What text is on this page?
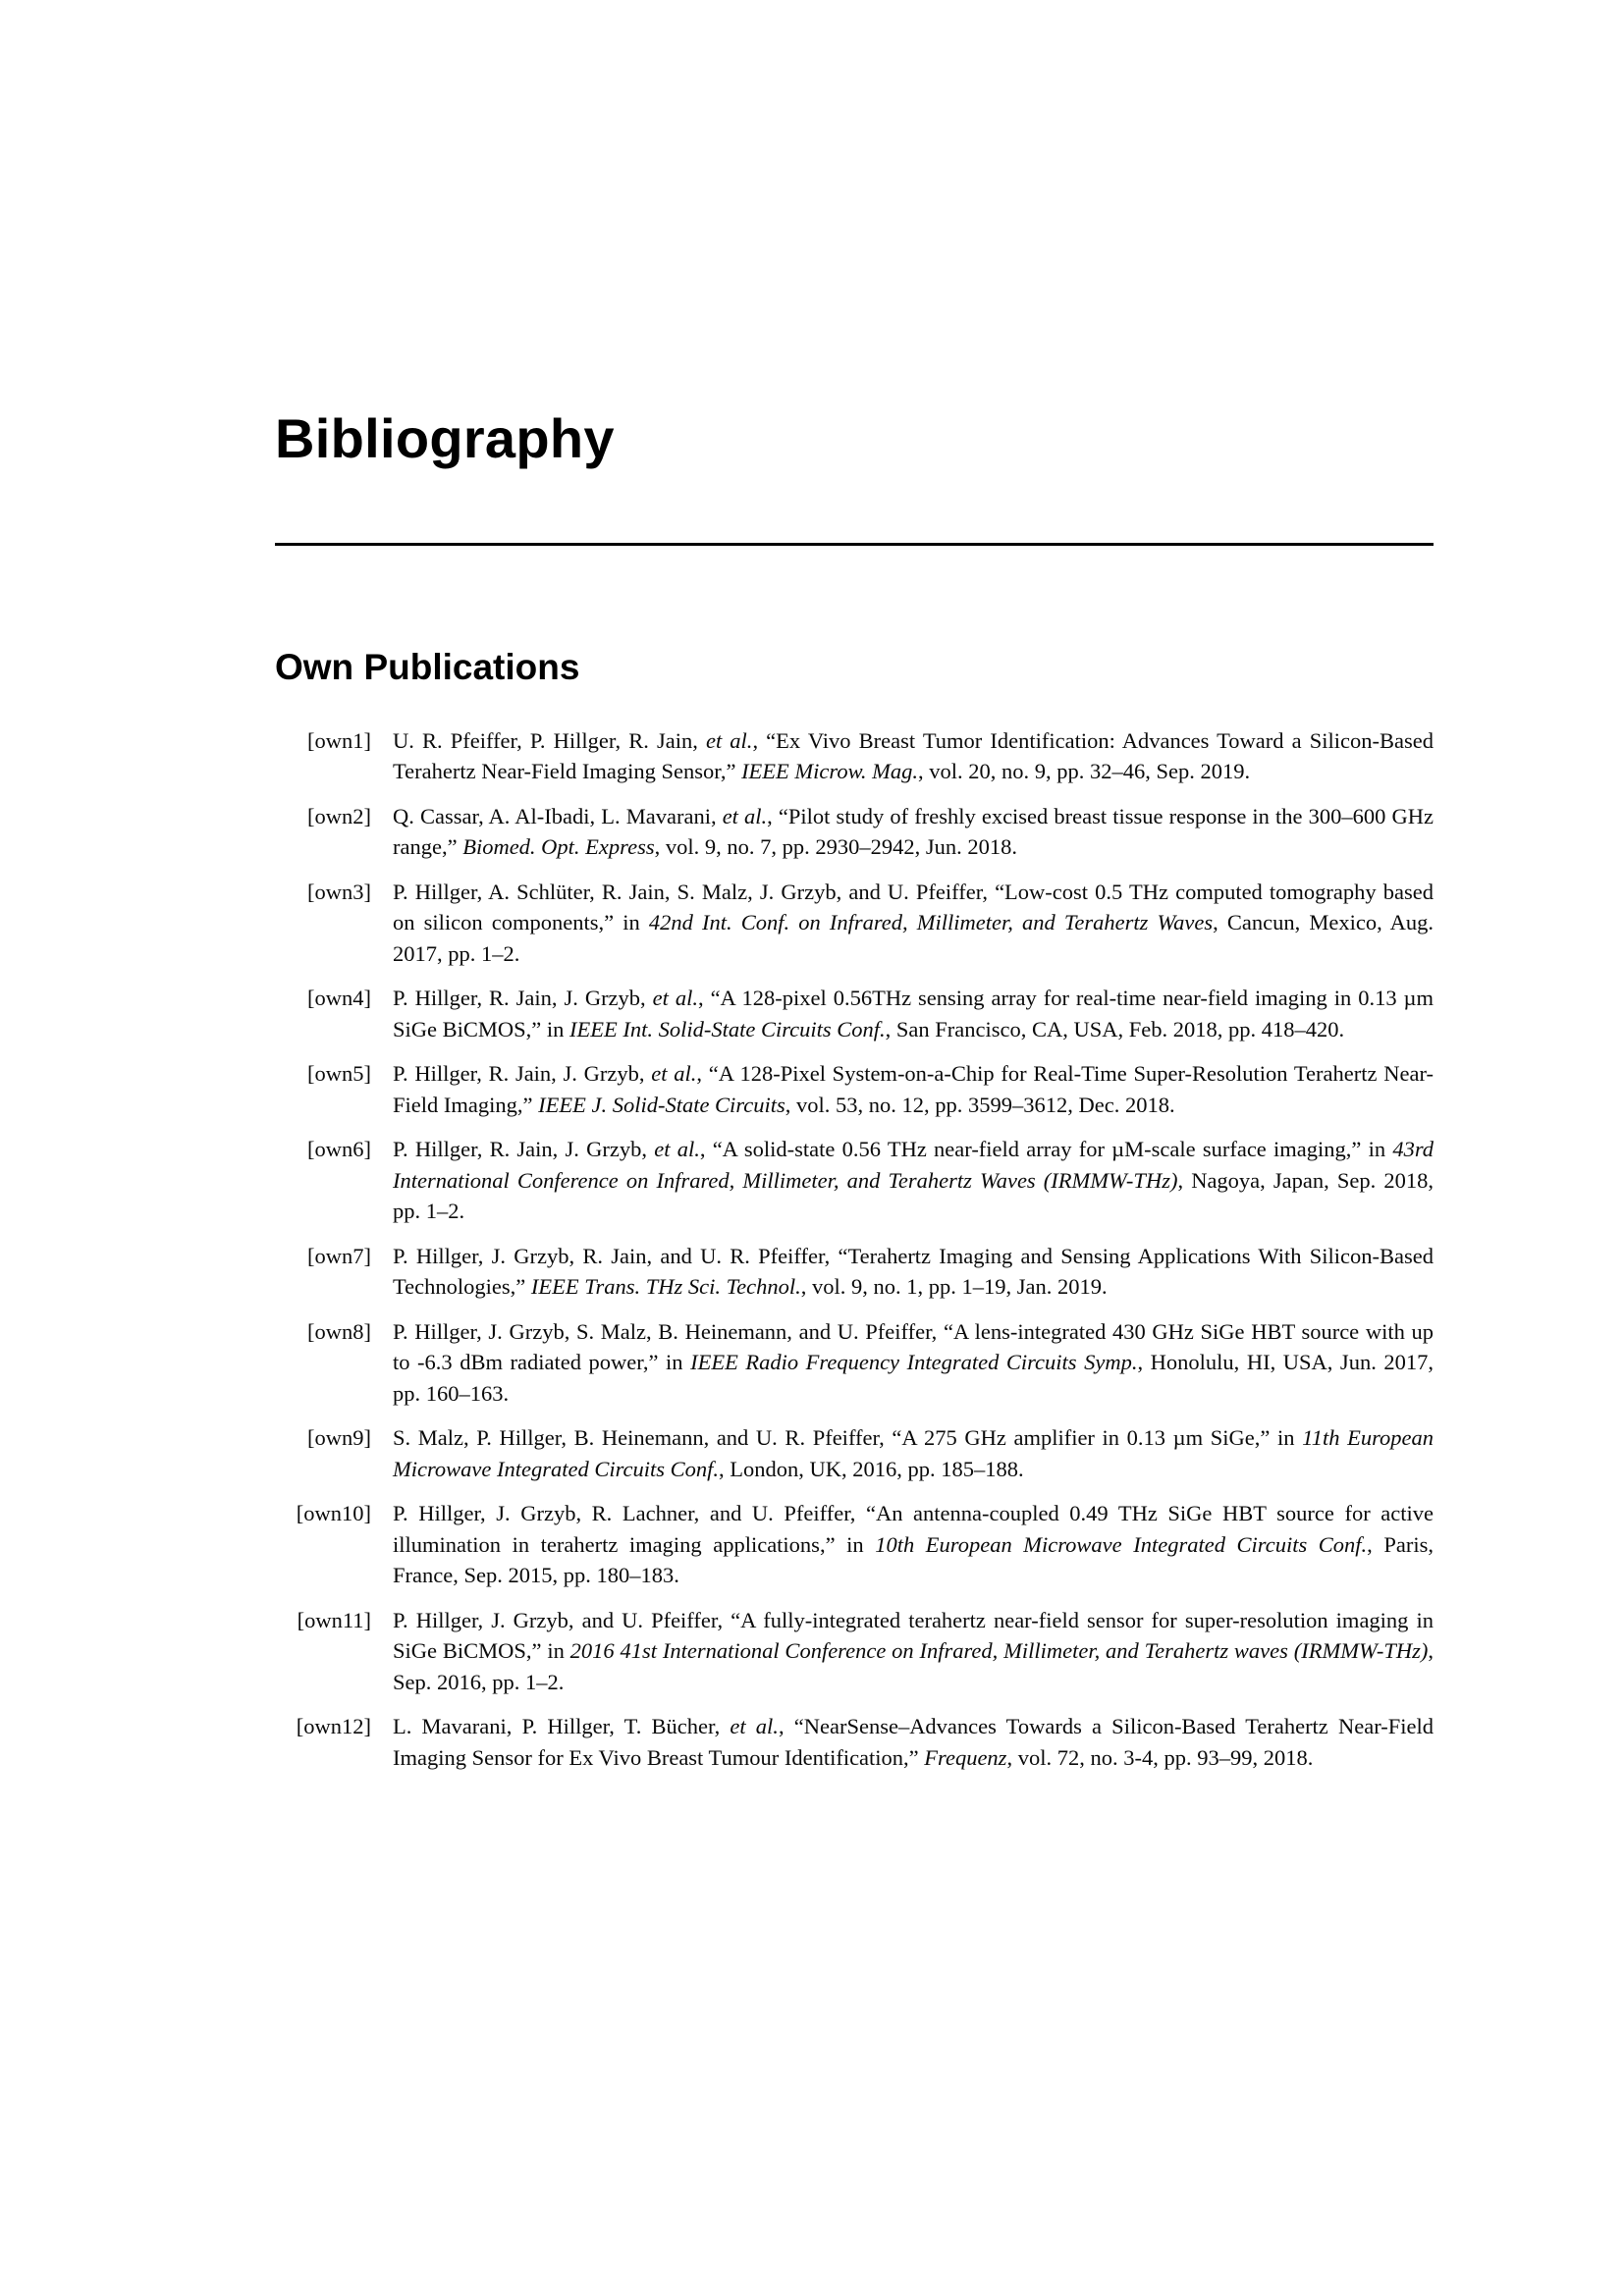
Bibliography
Own Publications
[own1] U. R. Pfeiffer, P. Hillger, R. Jain, et al., “Ex Vivo Breast Tumor Identification: Advances Toward a Silicon-Based Terahertz Near-Field Imaging Sensor,” IEEE Microw. Mag., vol. 20, no. 9, pp. 32–46, Sep. 2019.
[own2] Q. Cassar, A. Al-Ibadi, L. Mavarani, et al., “Pilot study of freshly excised breast tissue response in the 300–600 GHz range,” Biomed. Opt. Express, vol. 9, no. 7, pp. 2930–2942, Jun. 2018.
[own3] P. Hillger, A. Schlüter, R. Jain, S. Malz, J. Grzyb, and U. Pfeiffer, “Low-cost 0.5 THz computed tomography based on silicon components,” in 42nd Int. Conf. on Infrared, Millimeter, and Terahertz Waves, Cancun, Mexico, Aug. 2017, pp. 1–2.
[own4] P. Hillger, R. Jain, J. Grzyb, et al., “A 128-pixel 0.56THz sensing array for real-time near-field imaging in 0.13 µm SiGe BiCMOS,” in IEEE Int. Solid-State Circuits Conf., San Francisco, CA, USA, Feb. 2018, pp. 418–420.
[own5] P. Hillger, R. Jain, J. Grzyb, et al., “A 128-Pixel System-on-a-Chip for Real-Time Super-Resolution Terahertz Near-Field Imaging,” IEEE J. Solid-State Circuits, vol. 53, no. 12, pp. 3599–3612, Dec. 2018.
[own6] P. Hillger, R. Jain, J. Grzyb, et al., “A solid-state 0.56 THz near-field array for µM-scale surface imaging,” in 43rd International Conference on Infrared, Millimeter, and Terahertz Waves (IRMMW-THz), Nagoya, Japan, Sep. 2018, pp. 1–2.
[own7] P. Hillger, J. Grzyb, R. Jain, and U. R. Pfeiffer, “Terahertz Imaging and Sensing Applications With Silicon-Based Technologies,” IEEE Trans. THz Sci. Technol., vol. 9, no. 1, pp. 1–19, Jan. 2019.
[own8] P. Hillger, J. Grzyb, S. Malz, B. Heinemann, and U. Pfeiffer, “A lens-integrated 430 GHz SiGe HBT source with up to -6.3 dBm radiated power,” in IEEE Radio Frequency Integrated Circuits Symp., Honolulu, HI, USA, Jun. 2017, pp. 160–163.
[own9] S. Malz, P. Hillger, B. Heinemann, and U. R. Pfeiffer, “A 275 GHz amplifier in 0.13 µm SiGe,” in 11th European Microwave Integrated Circuits Conf., London, UK, 2016, pp. 185–188.
[own10] P. Hillger, J. Grzyb, R. Lachner, and U. Pfeiffer, “An antenna-coupled 0.49 THz SiGe HBT source for active illumination in terahertz imaging applications,” in 10th European Microwave Integrated Circuits Conf., Paris, France, Sep. 2015, pp. 180–183.
[own11] P. Hillger, J. Grzyb, and U. Pfeiffer, “A fully-integrated terahertz near-field sensor for super-resolution imaging in SiGe BiCMOS,” in 2016 41st International Conference on Infrared, Millimeter, and Terahertz waves (IRMMW-THz), Sep. 2016, pp. 1–2.
[own12] L. Mavarani, P. Hillger, T. Bücher, et al., “NearSense–Advances Towards a Silicon-Based Terahertz Near-Field Imaging Sensor for Ex Vivo Breast Tumour Identification,” Frequenz, vol. 72, no. 3-4, pp. 93–99, 2018.
